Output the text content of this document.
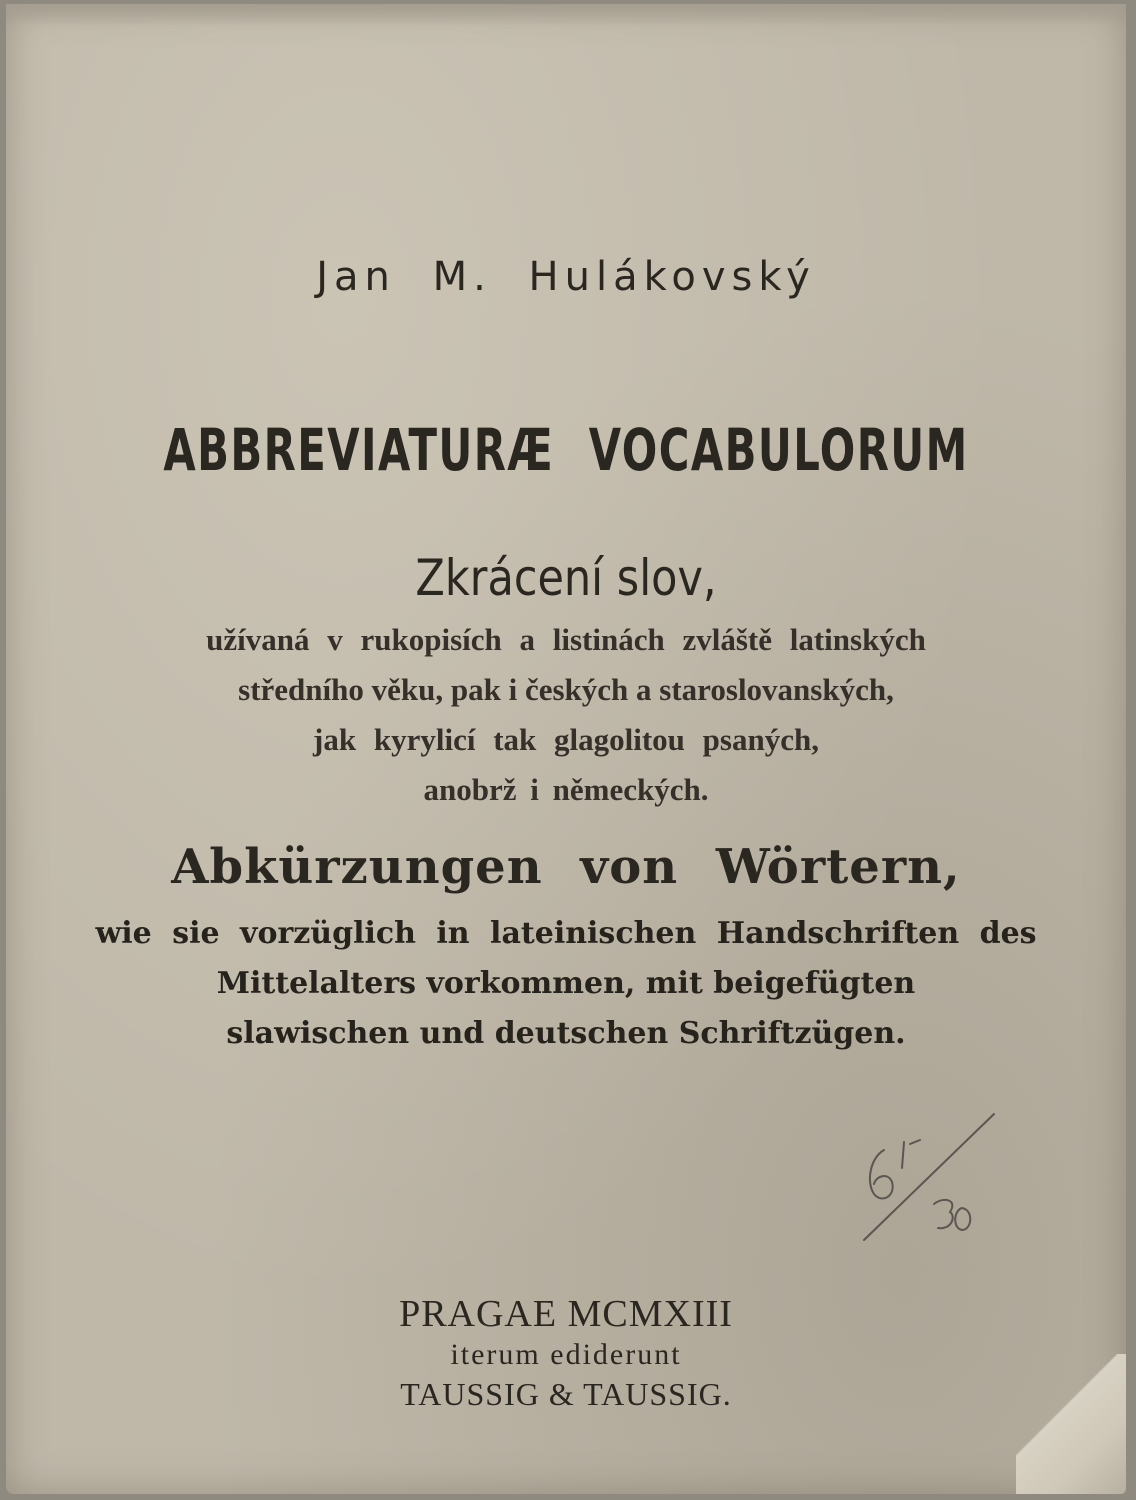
Jan M. Hulákovský
ABBREVIATURÆ VOCABULORUM
Zkrácení slov,
užívaná v rukopisích a listinách zvláště latinských
středního věku, pak i českých a staroslovanských,
jak kyrylicí tak glagolitou psaných,
anobrž i německých.
Abkürzungen von Wörtern,
wie sie vorzüglich in lateinischen Handschriften des
Mittelalters vorkommen, mit beigefügten
slawischen und deutschen Schriftzügen.
PRAGAE MCMXIII
iterum ediderunt
TAUSSIG & TAUSSIG.
